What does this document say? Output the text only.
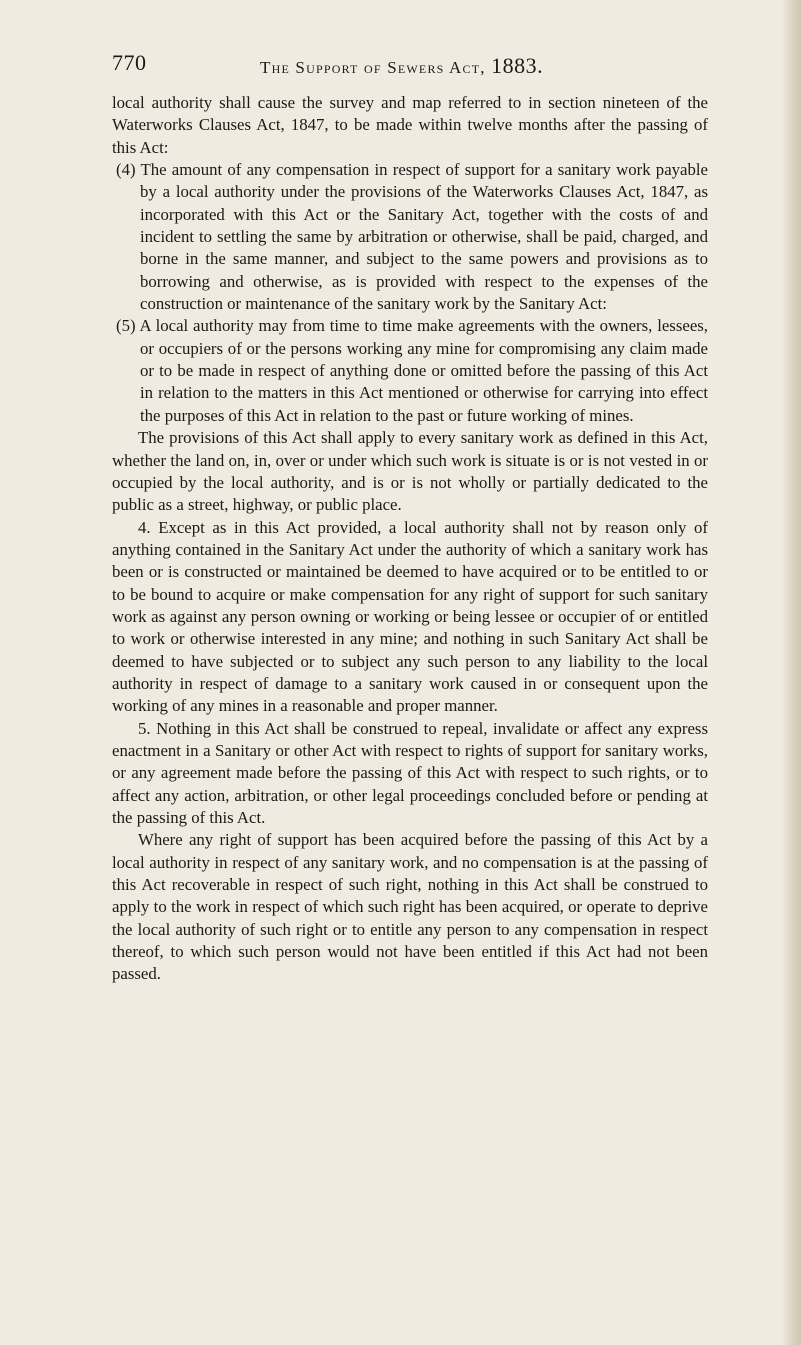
770	The Support of Sewers Act, 1883.

local authority shall cause the survey and map referred to in section nineteen of the Waterworks Clauses Act, 1847, to be made within twelve months after the passing of this Act:

(4) The amount of any compensation in respect of support for a sanitary work payable by a local authority under the provisions of the Waterworks Clauses Act, 1847, as incorporated with this Act or the Sanitary Act, together with the costs of and incident to settling the same by arbitration or otherwise, shall be paid, charged, and borne in the same manner, and subject to the same powers and provisions as to borrowing and otherwise, as is provided with respect to the expenses of the construction or maintenance of the sanitary work by the Sanitary Act:

(5) A local authority may from time to time make agreements with the owners, lessees, or occupiers of or the persons working any mine for compromising any claim made or to be made in respect of anything done or omitted before the passing of this Act in relation to the matters in this Act mentioned or otherwise for carrying into effect the purposes of this Act in relation to the past or future working of mines.

The provisions of this Act shall apply to every sanitary work as defined in this Act, whether the land on, in, over or under which such work is situate is or is not vested in or occupied by the local authority, and is or is not wholly or partially dedicated to the public as a street, highway, or public place.

4. Except as in this Act provided, a local authority shall not by reason only of anything contained in the Sanitary Act under the authority of which a sanitary work has been or is constructed or maintained be deemed to have acquired or to be entitled to or to be bound to acquire or make compensation for any right of support for such sanitary work as against any person owning or working or being lessee or occupier of or entitled to work or otherwise interested in any mine; and nothing in such Sanitary Act shall be deemed to have subjected or to subject any such person to any liability to the local authority in respect of damage to a sanitary work caused in or consequent upon the working of any mines in a reasonable and proper manner.

5. Nothing in this Act shall be construed to repeal, invalidate or affect any express enactment in a Sanitary or other Act with respect to rights of support for sanitary works, or any agreement made before the passing of this Act with respect to such rights, or to affect any action, arbitration, or other legal proceedings concluded before or pending at the passing of this Act.

Where any right of support has been acquired before the passing of this Act by a local authority in respect of any sanitary work, and no compensation is at the passing of this Act recoverable in respect of such right, nothing in this Act shall be construed to apply to the work in respect of which such right has been acquired, or operate to deprive the local authority of such right or to entitle any person to any compensation in respect thereof, to which such person would not have been entitled if this Act had not been passed.
